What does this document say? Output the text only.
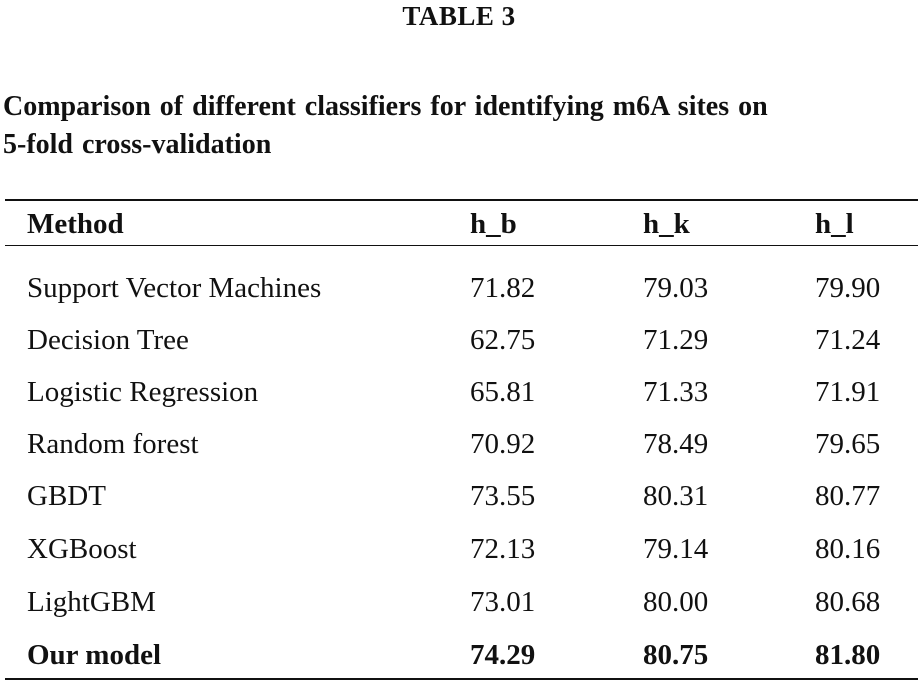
TABLE 3
Comparison of different classifiers for identifying m6A sites on
5-fold cross-validation
Method	h_b	h_k	h_l
Support Vector Machines	71.82	79.03	79.90
Decision Tree	62.75	71.29	71.24
Logistic Regression	65.81	71.33	71.91
Random forest	70.92	78.49	79.65
GBDT	73.55	80.31	80.77
XGBoost	72.13	79.14	80.16
LightGBM	73.01	80.00	80.68
Our model	74.29	80.75	81.80
